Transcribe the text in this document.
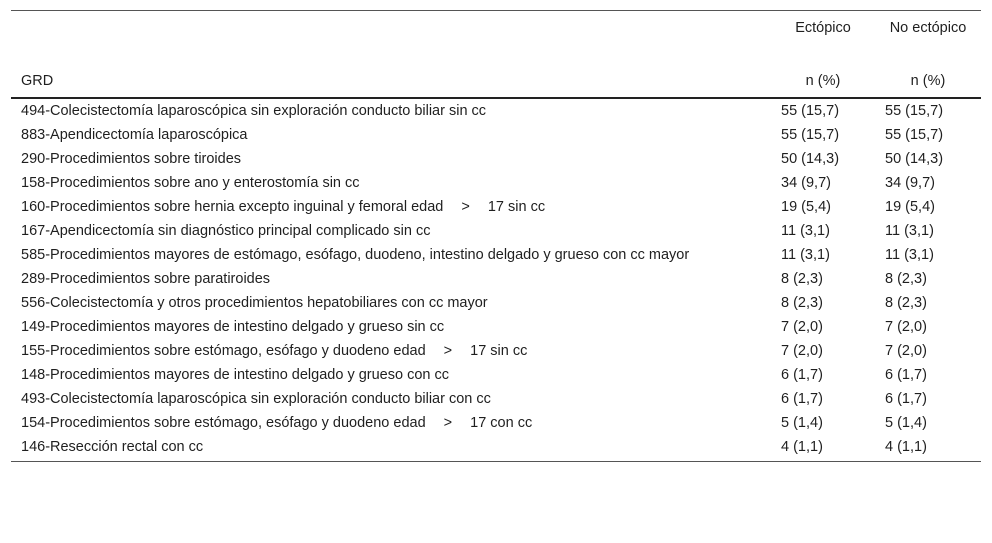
	Ectópico	No ectópico
GRD	n (%)	n (%)
494-Colecistectomía laparoscópica sin exploración conducto biliar sin cc	55 (15,7)	55 (15,7)
883-Apendicectomía laparoscópica	55 (15,7)	55 (15,7)
290-Procedimientos sobre tiroides	50 (14,3)	50 (14,3)
158-Procedimientos sobre ano y enterostomía sin cc	34 (9,7)	34 (9,7)
160-Procedimientos sobre hernia excepto inguinal y femoral edad > 17 sin cc	19 (5,4)	19 (5,4)
167-Apendicectomía sin diagnóstico principal complicado sin cc	11 (3,1)	11 (3,1)
585-Procedimientos mayores de estómago, esófago, duodeno, intestino delgado y grueso con cc mayor	11 (3,1)	11 (3,1)
289-Procedimientos sobre paratiroides	8 (2,3)	8 (2,3)
556-Colecistectomía y otros procedimientos hepatobiliares con cc mayor	8 (2,3)	8 (2,3)
149-Procedimientos mayores de intestino delgado y grueso sin cc	7 (2,0)	7 (2,0)
155-Procedimientos sobre estómago, esófago y duodeno edad > 17 sin cc	7 (2,0)	7 (2,0)
148-Procedimientos mayores de intestino delgado y grueso con cc	6 (1,7)	6 (1,7)
493-Colecistectomía laparoscópica sin exploración conducto biliar con cc	6 (1,7)	6 (1,7)
154-Procedimientos sobre estómago, esófago y duodeno edad > 17 con cc	5 (1,4)	5 (1,4)
146-Resección rectal con cc	4 (1,1)	4 (1,1)
